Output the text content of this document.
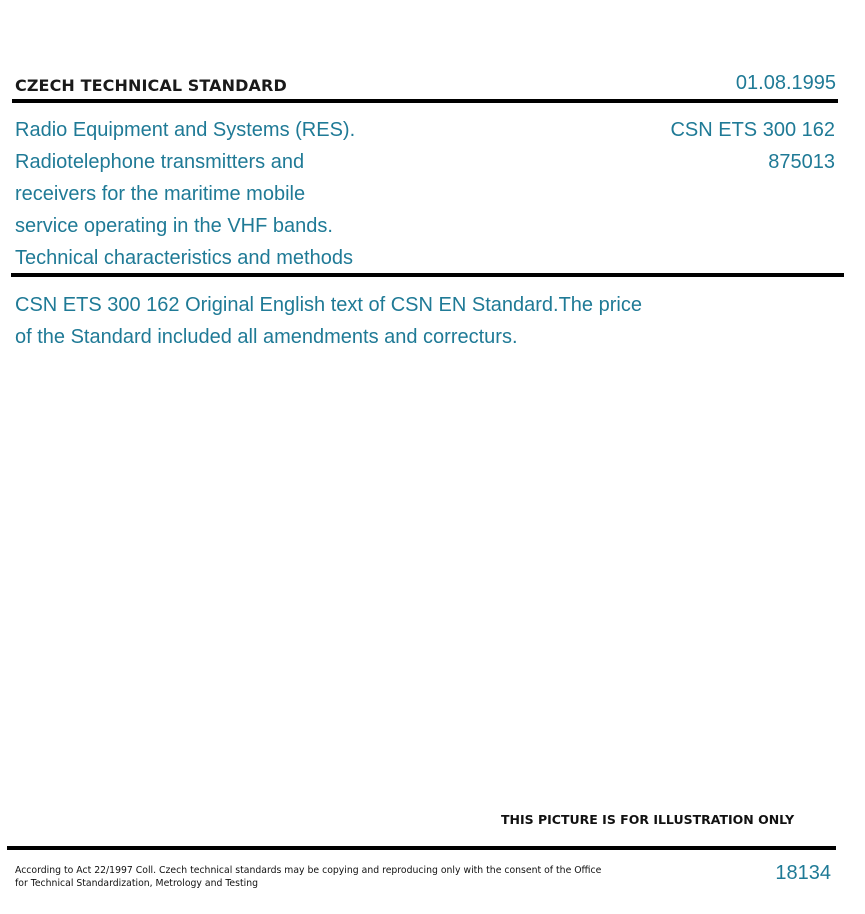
CZECH TECHNICAL STANDARD	01.08.1995
Radio Equipment and Systems (RES).
Radiotelephone transmitters and
receivers for the maritime mobile
service operating in the VHF bands.
Technical characteristics and methods
CSN ETS 300 162
875013
CSN ETS 300 162 Original English text of CSN EN Standard.The price
of the Standard included all amendments and correcturs.
THIS PICTURE IS FOR ILLUSTRATION ONLY
According to Act 22/1997 Coll. Czech technical standards may be copying and reproducing only with the consent of the Office
for Technical Standardization, Metrology and Testing	18134
